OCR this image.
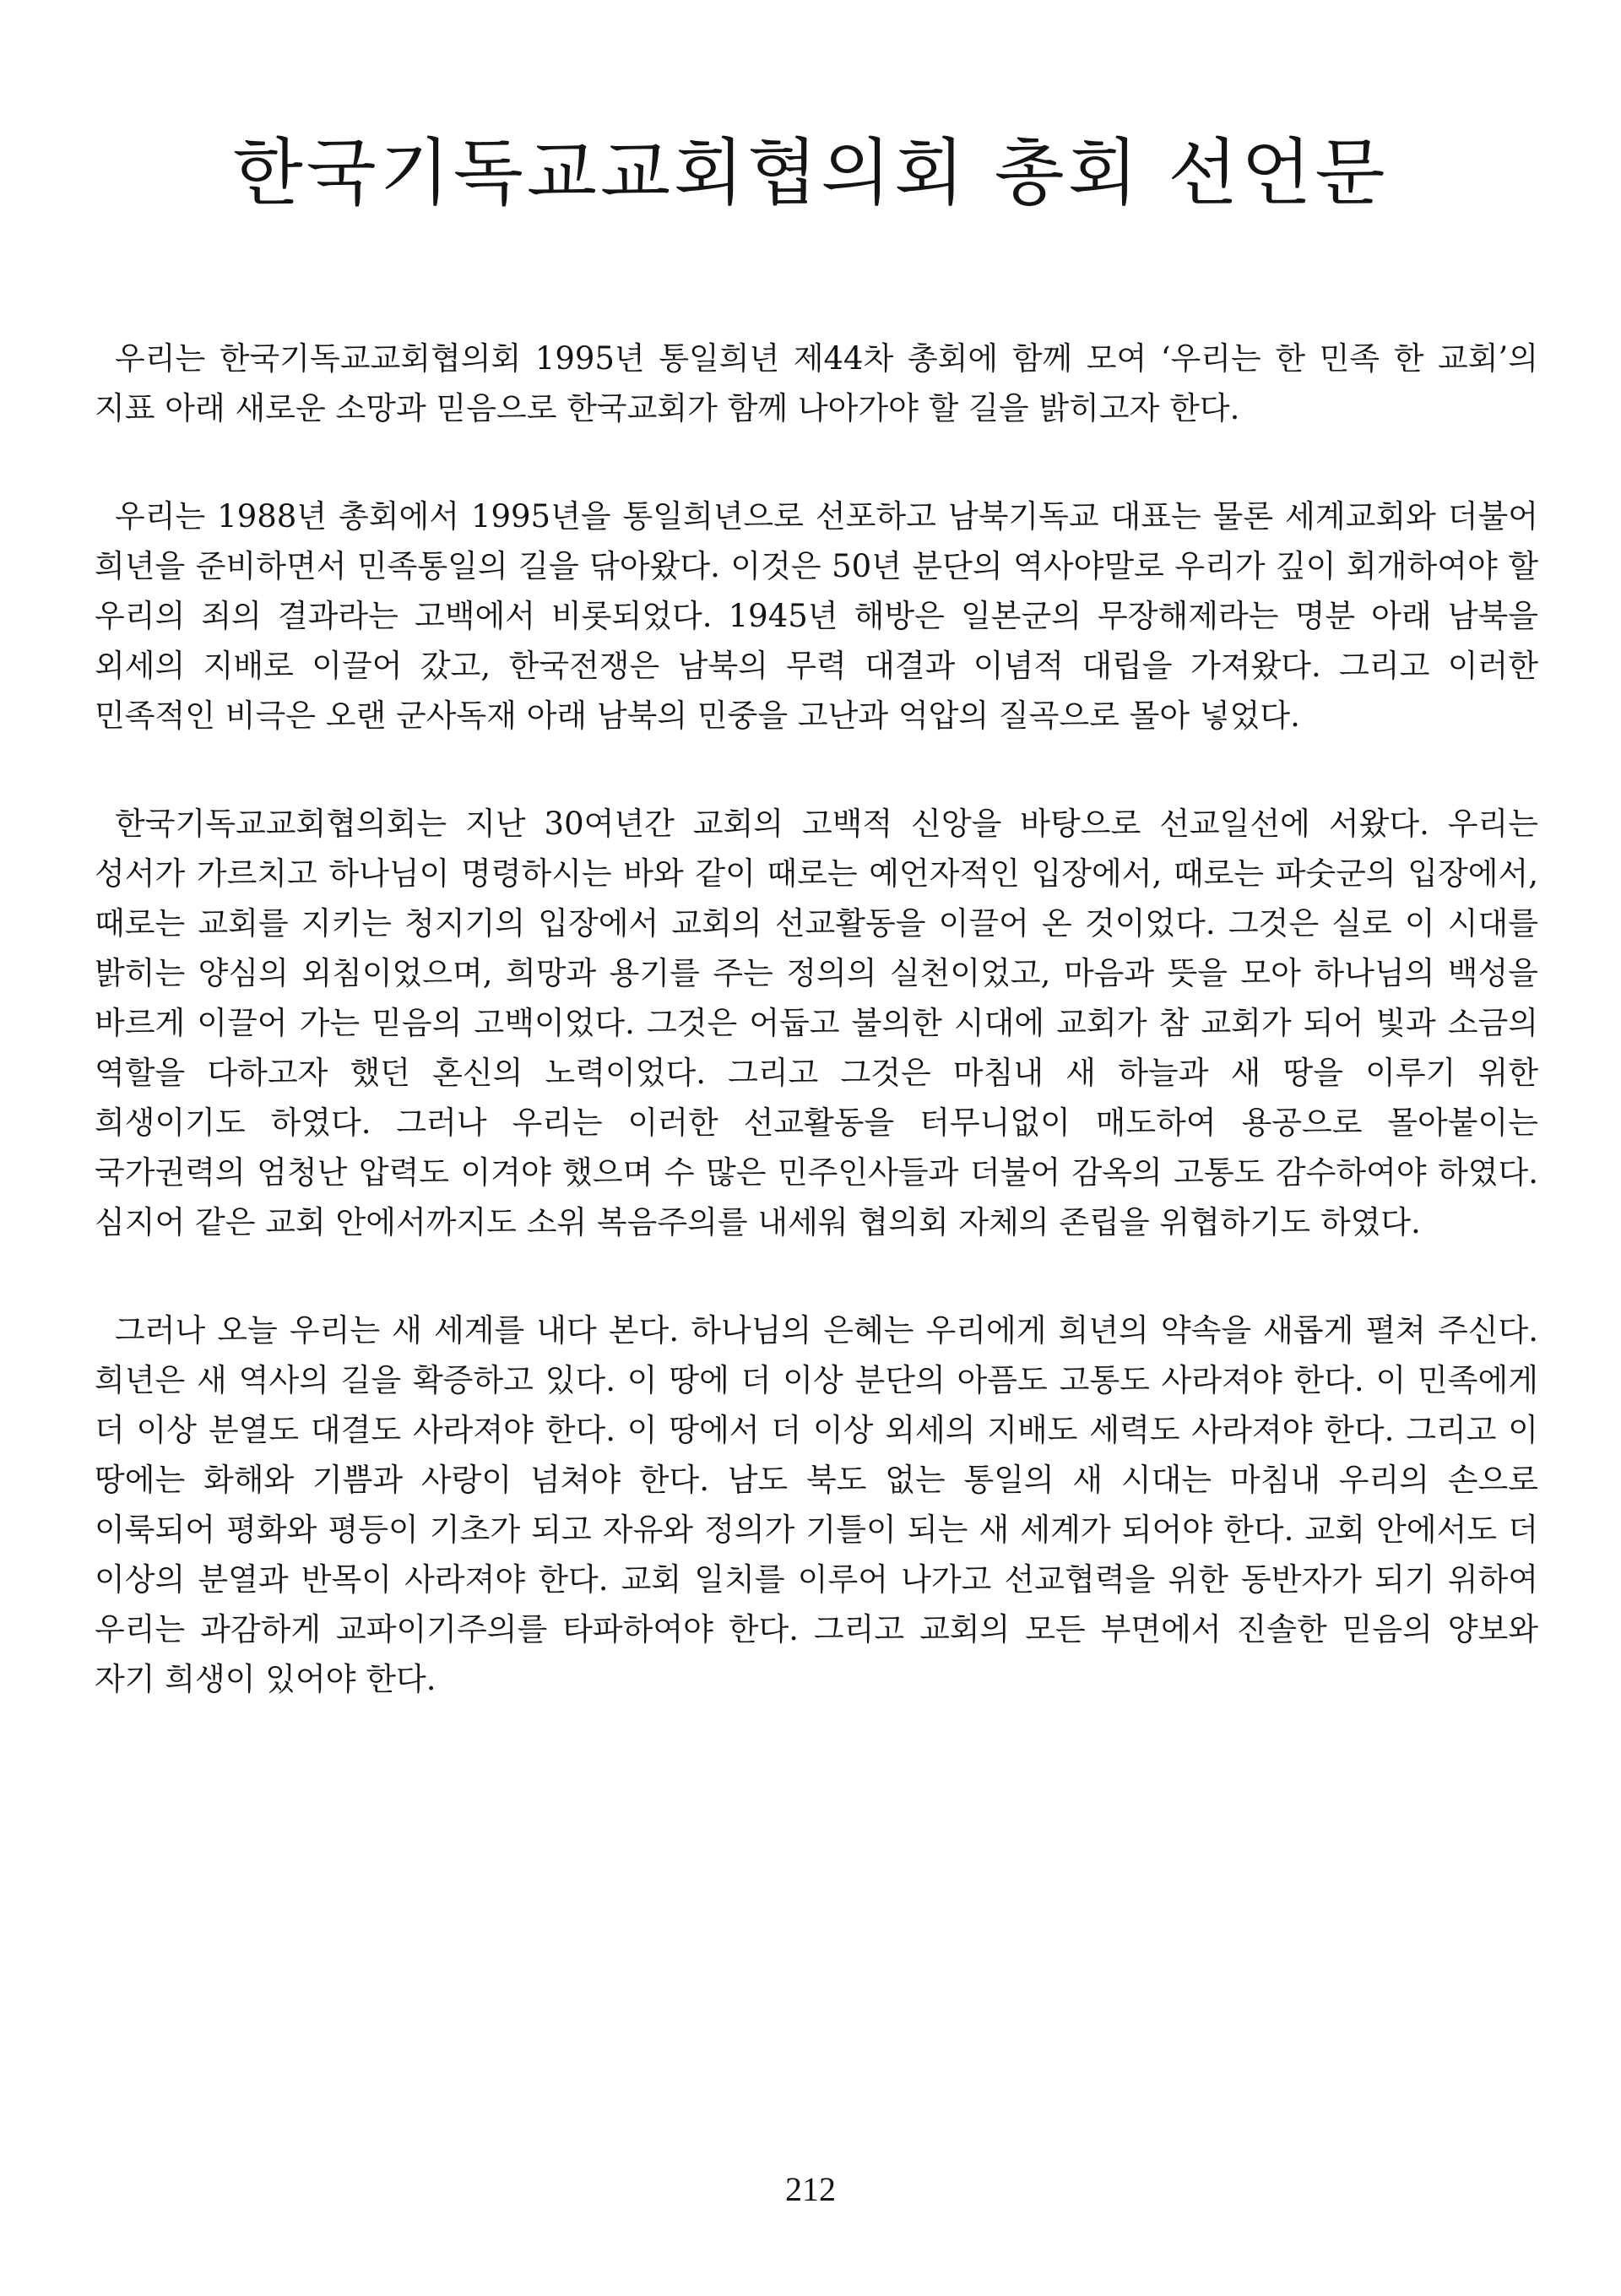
한국기독교교회협의회 총회 선언문

우리는 한국기독교교회협의회 1995년 통일희년 제44차 총회에 함께 모여 ‘우리는 한 민족 한 교회’의 지표 아래 새로운 소망과 믿음으로 한국교회가 함께 나아가야 할 길을 밝히고자 한다.

우리는 1988년 총회에서 1995년을 통일희년으로 선포하고 남북기독교 대표는 물론 세계교회와 더불어 희년을 준비하면서 민족통일의 길을 닦아왔다. 이것은 50년 분단의 역사야말로 우리가 깊이 회개하여야 할 우리의 죄의 결과라는 고백에서 비롯되었다. 1945년 해방은 일본군의 무장해제라는 명분 아래 남북을 외세의 지배로 이끌어 갔고, 한국전쟁은 남북의 무력 대결과 이념적 대립을 가져왔다. 그리고 이러한 민족적인 비극은 오랜 군사독재 아래 남북의 민중을 고난과 억압의 질곡으로 몰아 넣었다.

한국기독교교회협의회는 지난 30여년간 교회의 고백적 신앙을 바탕으로 선교일선에 서왔다. 우리는 성서가 가르치고 하나님이 명령하시는 바와 같이 때로는 예언자적인 입장에서, 때로는 파숫군의 입장에서, 때로는 교회를 지키는 청지기의 입장에서 교회의 선교활동을 이끌어 온 것이었다. 그것은 실로 이 시대를 밝히는 양심의 외침이었으며, 희망과 용기를 주는 정의의 실천이었고, 마음과 뜻을 모아 하나님의 백성을 바르게 이끌어 가는 믿음의 고백이었다. 그것은 어둡고 불의한 시대에 교회가 참 교회가 되어 빛과 소금의 역할을 다하고자 했던 혼신의 노력이었다. 그리고 그것은 마침내 새 하늘과 새 땅을 이루기 위한 희생이기도 하였다. 그러나 우리는 이러한 선교활동을 터무니없이 매도하여 용공으로 몰아붙이는 국가권력의 엄청난 압력도 이겨야 했으며 수 많은 민주인사들과 더불어 감옥의 고통도 감수하여야 하였다. 심지어 같은 교회 안에서까지도 소위 복음주의를 내세워 협의회 자체의 존립을 위협하기도 하였다.

그러나 오늘 우리는 새 세계를 내다 본다. 하나님의 은혜는 우리에게 희년의 약속을 새롭게 펼쳐 주신다. 희년은 새 역사의 길을 확증하고 있다. 이 땅에 더 이상 분단의 아픔도 고통도 사라져야 한다. 이 민족에게 더 이상 분열도 대결도 사라져야 한다. 이 땅에서 더 이상 외세의 지배도 세력도 사라져야 한다. 그리고 이 땅에는 화해와 기쁨과 사랑이 넘쳐야 한다. 남도 북도 없는 통일의 새 시대는 마침내 우리의 손으로 이룩되어 평화와 평등이 기초가 되고 자유와 정의가 기틀이 되는 새 세계가 되어야 한다. 교회 안에서도 더 이상의 분열과 반목이 사라져야 한다. 교회 일치를 이루어 나가고 선교협력을 위한 동반자가 되기 위하여 우리는 과감하게 교파이기주의를 타파하여야 한다. 그리고 교회의 모든 부면에서 진솔한 믿음의 양보와 자기 희생이 있어야 한다.

212
